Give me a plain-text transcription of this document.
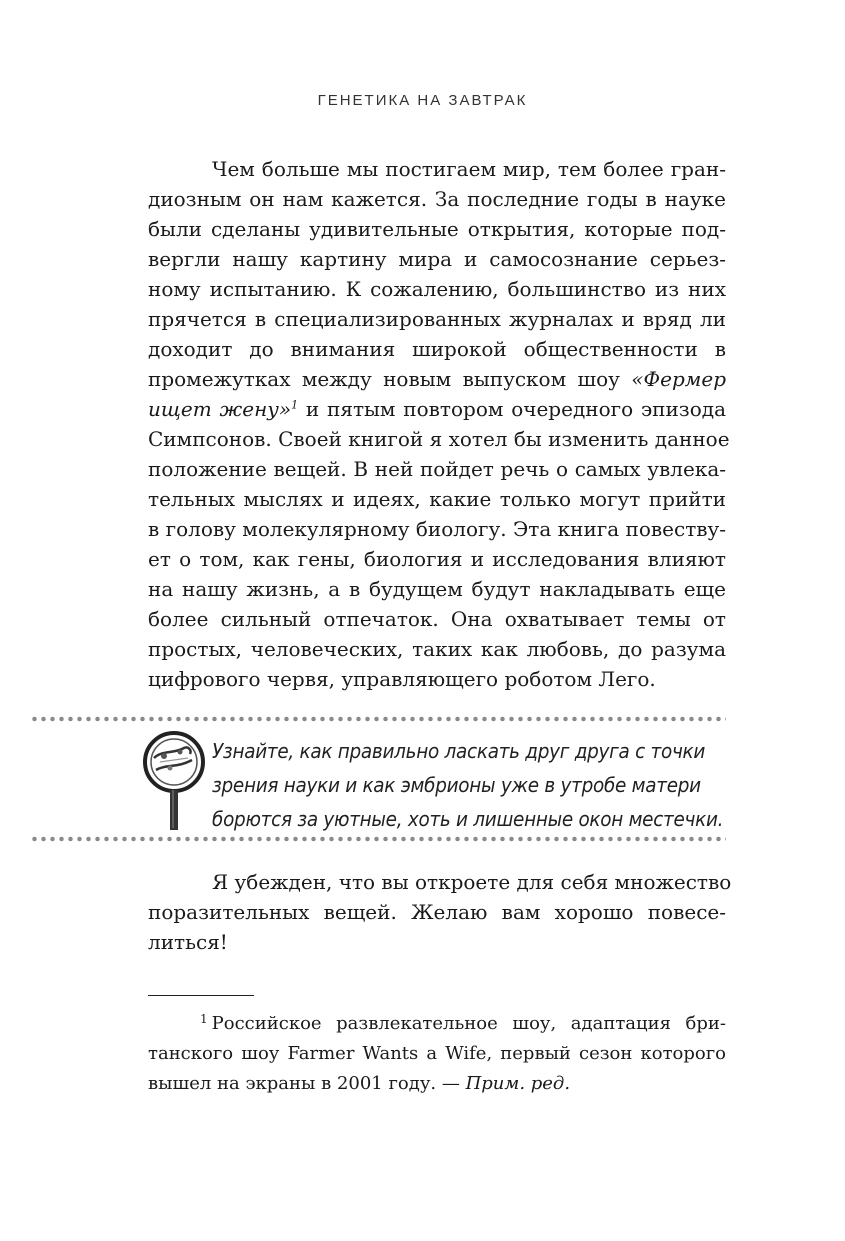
ГЕНЕТИКА НА ЗАВТРАК
Чем больше мы постигаем мир, тем более гран-
диозным он нам кажется. За последние годы в науке
были сделаны удивительные открытия, которые под-
вергли нашу картину мира и самосознание серьез-
ному испытанию. К сожалению, большинство из них
прячется в специализированных журналах и вряд ли
доходит до внимания широкой общественности в
промежутках между новым выпуском шоу «Фермер
ищет жену»$^1$ и пятым повтором очередного эпизода
Симпсонов. Своей книгой я хотел бы изменить данное
положение вещей. В ней пойдет речь о самых увлека-
тельных мыслях и идеях, какие только могут прийти
в голову молекулярному биологу. Эта книга повеству-
ет о том, как гены, биология и исследования влияют
на нашу жизнь, а в будущем будут накладывать еще
более сильный отпечаток. Она охватывает темы от
простых, человеческих, таких как любовь, до разума
цифрового червя, управляющего роботом Лего.
Узнайте, как правильно ласкать друг друга с точки
зрения науки и как эмбрионы уже в утробе матери
борются за уютные, хоть и лишенные окон местечки.
Я убежден, что вы откроете для себя множество
поразительных вещей. Желаю вам хорошо повесе-
литься!
$^1$ Российское развлекательное шоу, адаптация бри-
танского шоу Farmer Wants a Wife, первый сезон которого
вышел на экраны в 2001 году. — Прим. ред.
